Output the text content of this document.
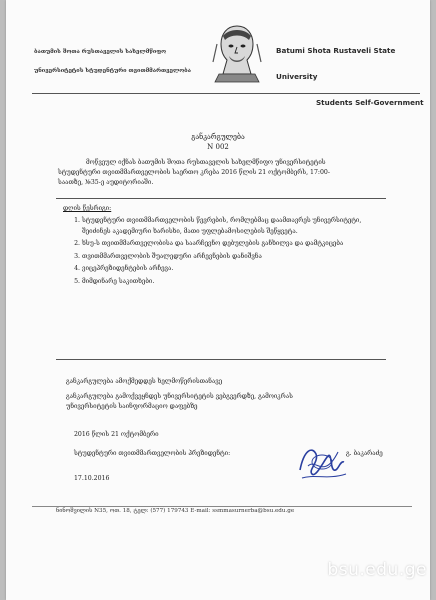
ბათუმის შოთა რუსთაველის სახელმწიფო
უნივერსიტეტის სტუდენტური თვითმმართველობა
Batumi Shota Rustaveli State University
Students Self-Government
განკარგულება
N 002
მოწვეულ იქნას ბათუმის შოთა რუსთაველის სახელმწიფო უნივერსიტეტის
სტუდენტური თვითმმართველობის საერთო კრება 2016 წლის 21 ოქტომბერს, 17:00-
საათზე, №35-ე აუდიტორიაში.
დღის წესრიგი:
1. სტუდენტური თვითმმართველობის წევრების, რომლებმაც დაამთავრეს უნივერსიტეტი, შეიძინეს აკადემიური ხარისხი, მათი უფლებამოსილების შეწყვეტა.
2. ხსუ-ს თვითმმართველობისა და საარჩევნო დებულების განხილვა და დამტკიცება
3. თვითმმართველობის შუალედური არჩევნების დანიშვნა
4. ვიცეპრეზიდენტების არჩევა.
5. მიმდინარე საკითხები.
განკარგულება ამოქმედდეს ხელმოწერისთანავე
განკარგულება გამოქვეყნდეს უნივერსიტეტის ვებგვერდზე, გამოიკრას
უნივერსიტეტის საინფორმაციო დაფებზე
2016 წლის 21 ოქტომბერი
სტუდენტური თვითმმართველობის პრეზიდენტი:	გ. ბაკარაძე
17.10.2016
ნინოშვილის N35, ოთ. 18, ტელ: (577) 179743 E-mail: ssmmasurnerba@bsu.edu.ge
bsu.edu.ge
